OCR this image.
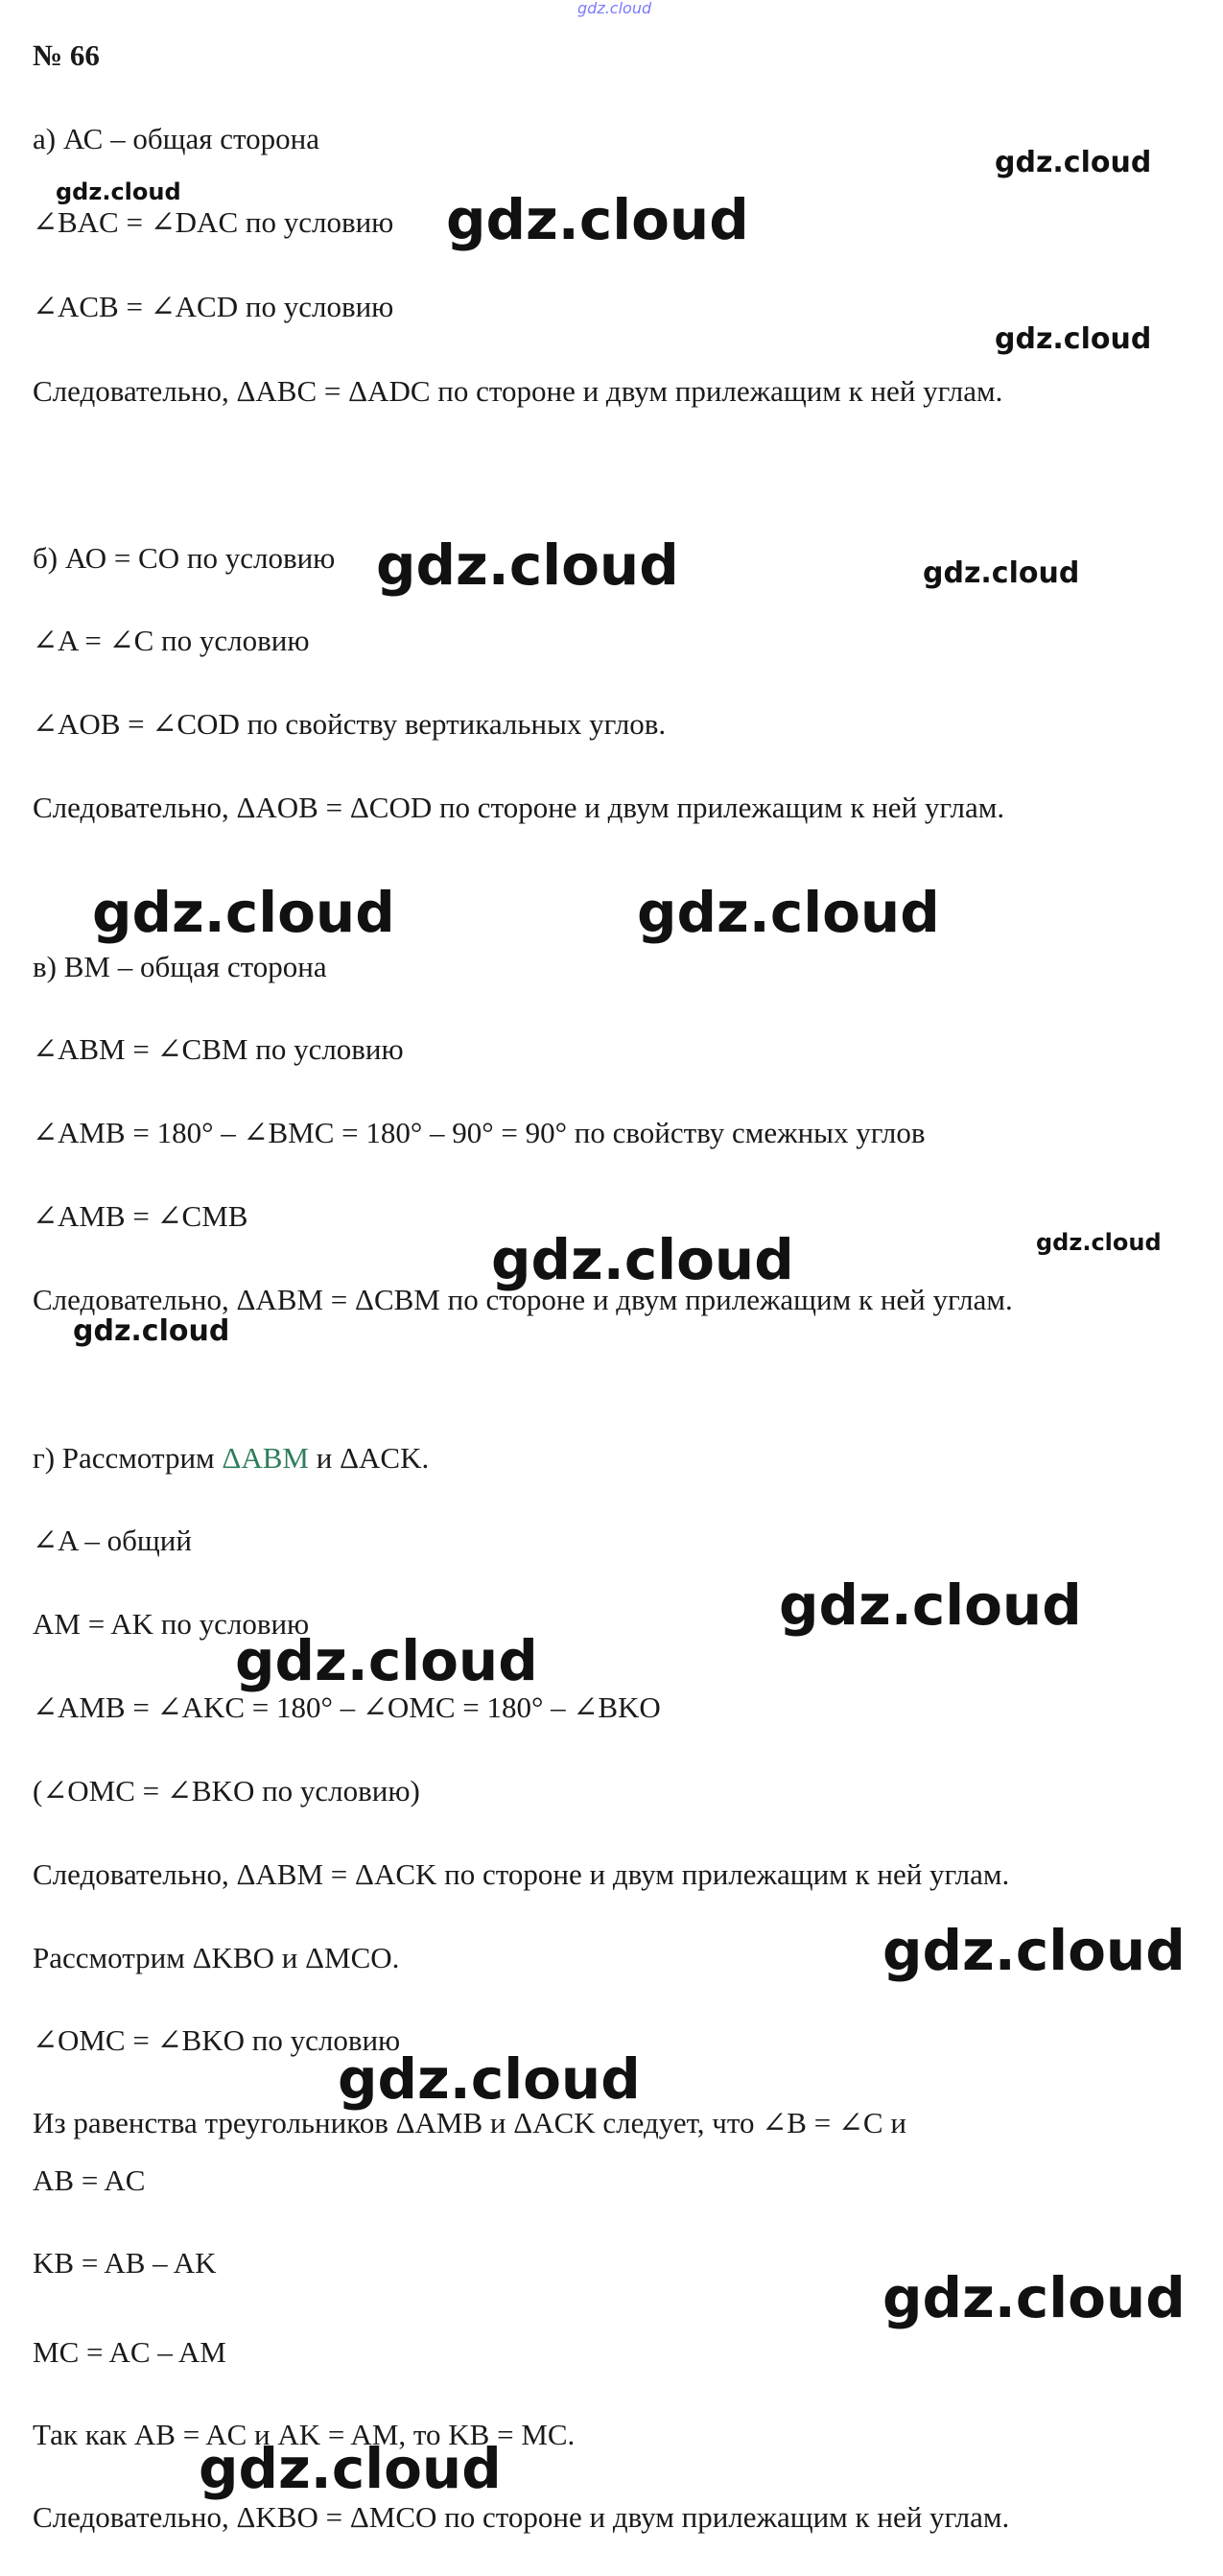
gdz.cloud
№ 66
а) АС – общая сторона
∠BAC = ∠DAC по условию
∠ACB = ∠ACD по условию
Следовательно, ΔABC = ΔADC по стороне и двум прилежащим к ней углам.
б) АО = СО по условию
∠A = ∠C по условию
∠AOB = ∠COD по свойству вертикальных углов.
Следовательно, ΔAOB = ΔCOD по стороне и двум прилежащим к ней углам.
в) ВМ – общая сторона
∠ABM = ∠CBM по условию
∠AMB = 180° – ∠BMC = 180° – 90° = 90° по свойству смежных углов
∠AMB = ∠CMB
Следовательно, ΔABM = ΔCBM по стороне и двум прилежащим к ней углам.
г) Рассмотрим ΔABM и ΔACK.
∠A – общий
AM = AK по условию
∠AMB = ∠AKC = 180° – ∠OMC = 180° – ∠BKO
(∠OMC = ∠BKO по условию)
Следовательно, ΔABM = ΔACK по стороне и двум прилежащим к ней углам.
Рассмотрим ΔKBO и ΔMCO.
∠OMC = ∠BKO по условию
Из равенства треугольников ΔAMB и ΔACK следует, что ∠B = ∠C и
AB = AC
KB = AB – AK
MC = AC – AM
Так как AB = AC и AK = AM, то KB = MC.
Следовательно, ΔKBO = ΔMCO по стороне и двум прилежащим к ней углам.
gdz.cloud	gdz.cloud
gdz.cloud
gdz.cloud
gdz.cloud	gdz.cloud
gdz.cloud	gdz.cloud
gdz.cloud	gdz.cloud
gdz.cloud
gdz.cloud
gdz.cloud
gdz.cloud
gdz.cloud
gdz.cloud
gdz.cloud
